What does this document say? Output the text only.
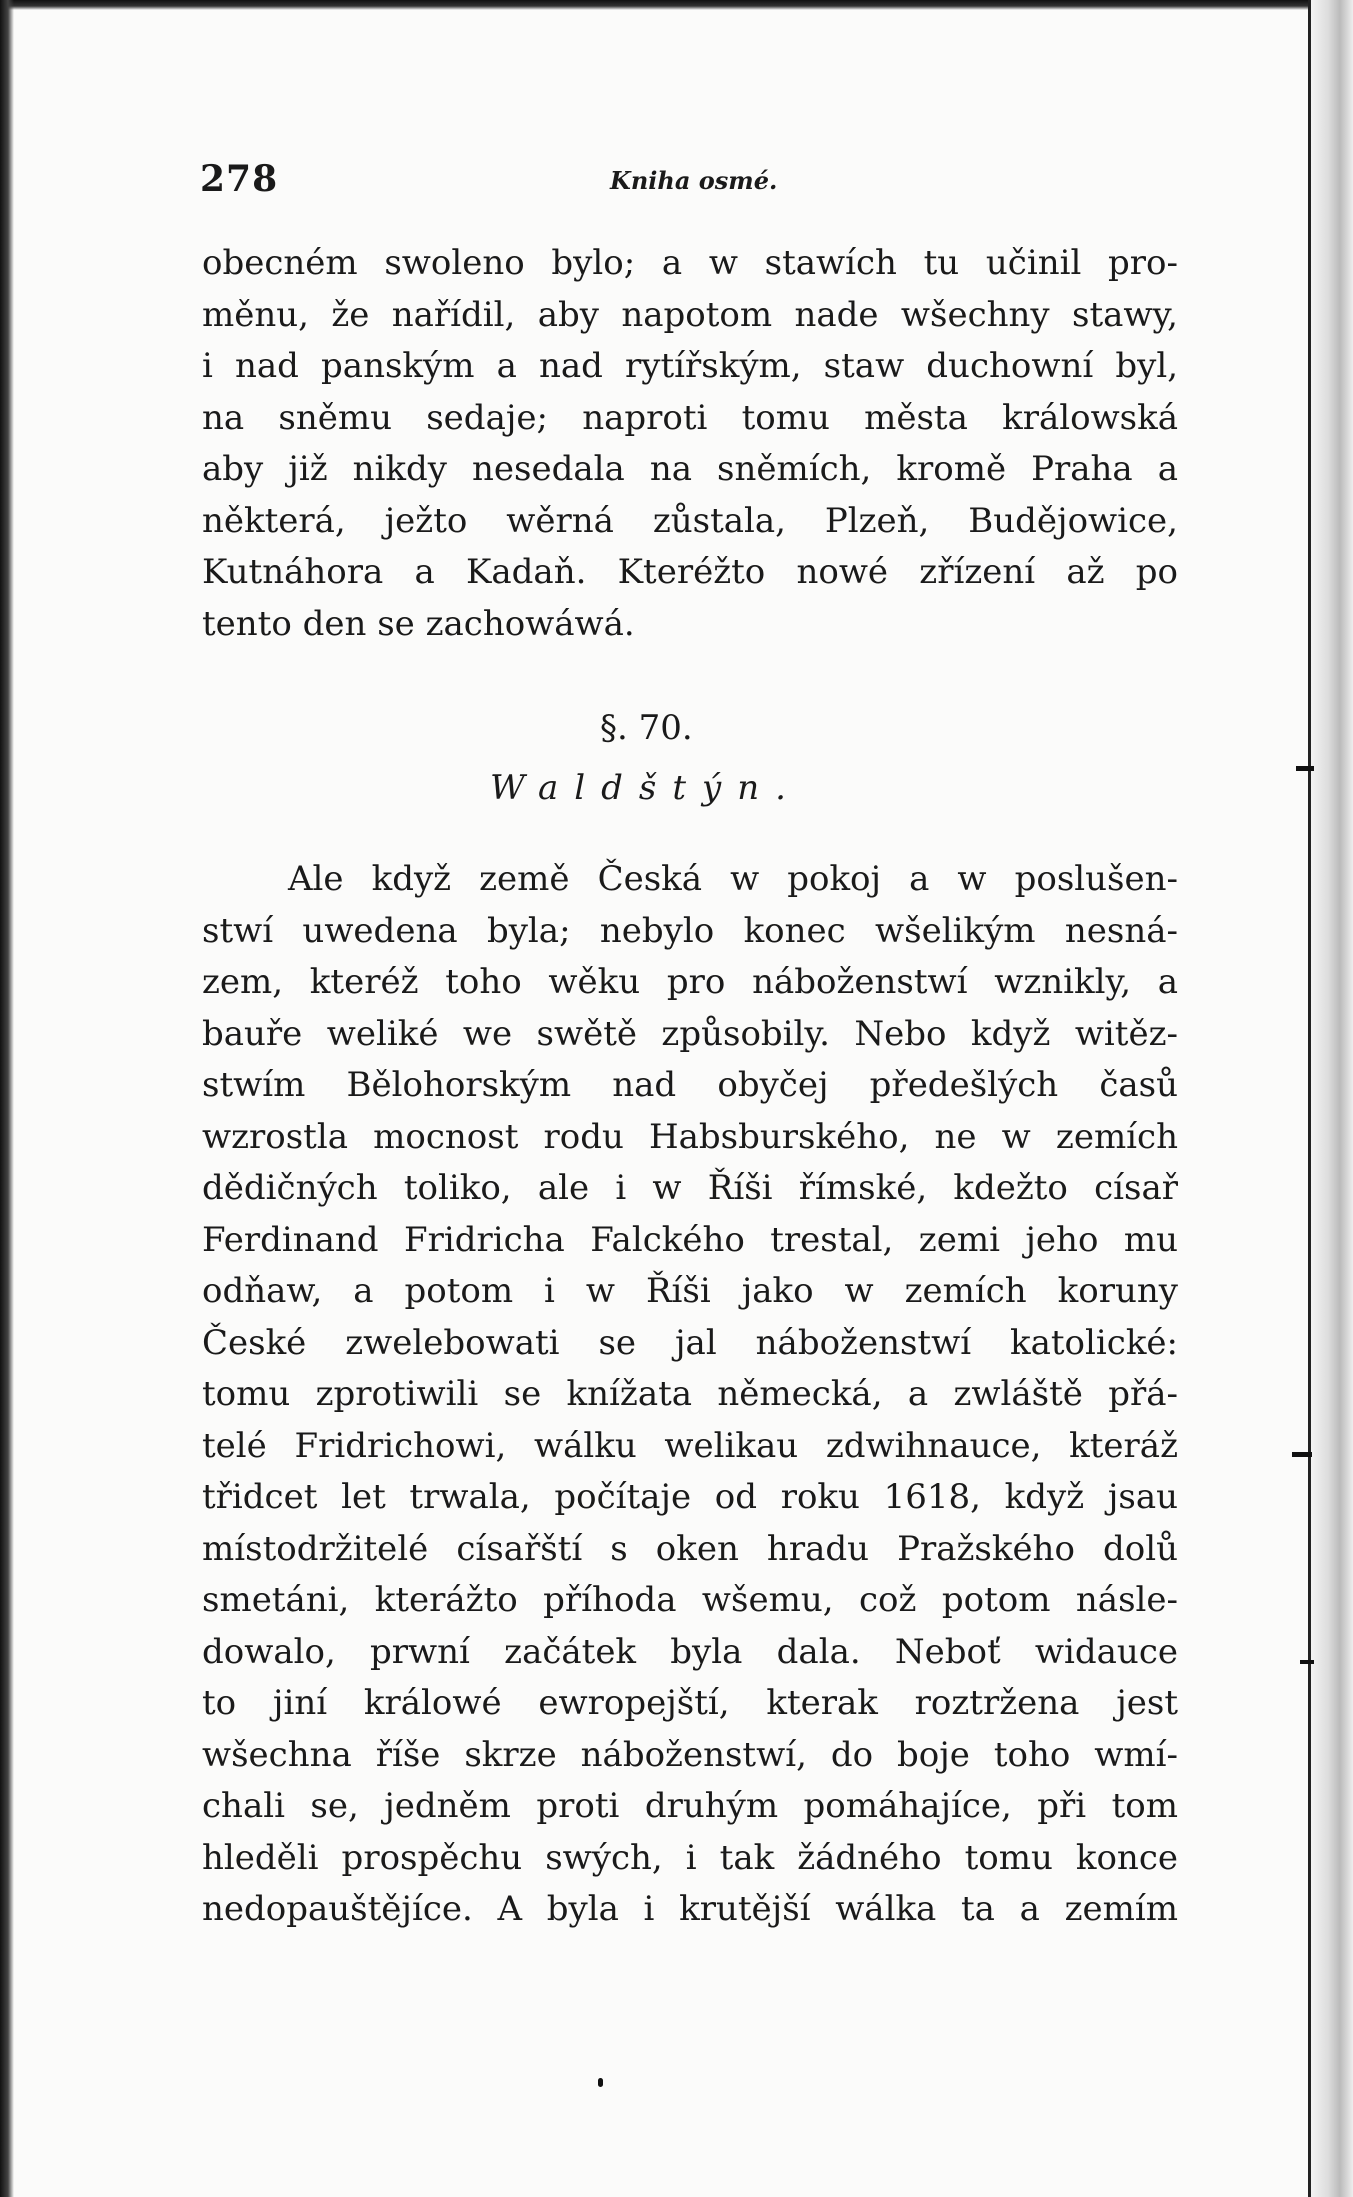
278	Kniha osmé.
obecném swoleno bylo; a w stawích tu učinil pro-
měnu, že nařídil, aby napotom nade wšechny stawy,
i nad panským a nad rytířským, staw duchowní byl,
na sněmu sedaje; naproti tomu města králowská
aby již nikdy nesedala na sněmích, kromě Praha a
některá, ježto wěrná zůstala, Plzeň, Budějowice,
Kutnáhora a Kadaň. Kteréžto nowé zřízení až po
tento den se zachowáwá.
§. 70.
Waldštýn.
Ale když země Česká w pokoj a w poslušen-
stwí uwedena byla; nebylo konec wšelikým nesná-
zem, kteréž toho wěku pro náboženstwí wznikly, a
bauře weliké we swětě způsobily. Nebo když witěz-
stwím Bělohorským nad obyčej předešlých časů
wzrostla mocnost rodu Habsburského, ne w zemích
dědičných toliko, ale i w Říši římské, kdežto císař
Ferdinand Fridricha Falckého trestal, zemi jeho mu
odňaw, a potom i w Říši jako w zemích koruny
České zwelebowati se jal náboženstwí katolické:
tomu zprotiwili se knížata německá, a zwláště přá-
telé Fridrichowi, wálku welikau zdwihnauce, kteráž
třidcet let trwala, počítaje od roku 1618, když jsau
místodržitelé císařští s oken hradu Pražského dolů
smetáni, kterážto příhoda wšemu, což potom násle-
dowalo, prwní začátek byla dala. Neboť widauce
to jiní králowé ewropejští, kterak roztržena jest
wšechna říše skrze náboženstwí, do boje toho wmí-
chali se, jedněm proti druhým pomáhajíce, při tom
hleděli prospěchu swých, i tak žádného tomu konce
nedopauštějíce. A byla i krutější wálka ta a zemím
